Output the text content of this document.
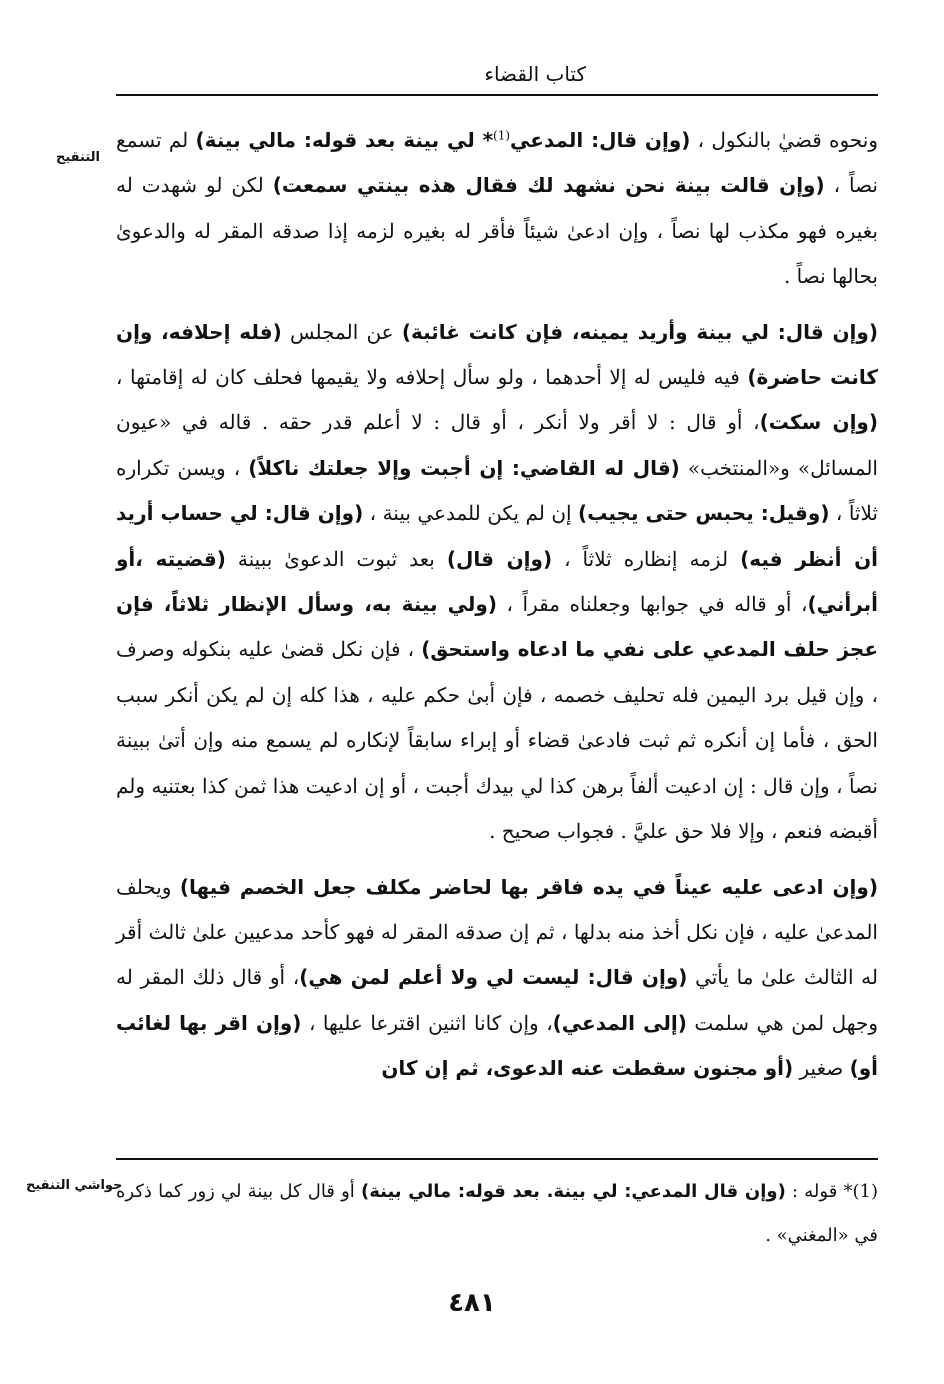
كتاب القضاء
التنقيح

ونحوه قضيٰ بالنكول ، (وإن قال: المدعي$^{(1)}$* لي بينة بعد قوله: مالي بينة) لم تسمع نصاً ، (وإن قالت بينة نحن نشهد لك فقال هذه بينتي سمعت) لكن لو شهدت له بغيره فهو مكذب لها نصاً ، وإن ادعىٰ شيئاً فأقر له بغيره لزمه إذا صدقه المقر له والدعوىٰ بحالها نصاً .

(وإن قال: لي بينة وأريد يمينه، فإن كانت غائبة) عن المجلس (فله إحلافه، وإن كانت حاضرة) فيه فليس له إلا أحدهما ، ولو سأل إحلافه ولا يقيمها فحلف كان له إقامتها ، (وإن سكت)، أو قال : لا أقر ولا أنكر ، أو قال : لا أعلم قدر حقه . قاله في «عيون المسائل» و«المنتخب» (قال له القاضي: إن أجبت وإلا جعلتك ناكلاً) ، ويسن تكراره ثلاثاً ، (وقيل: يحبس حتى يجيب) إن لم يكن للمدعي بينة ، (وإن قال: لي حساب أريد أن أنظر فيه) لزمه إنظاره ثلاثاً ، (وإن قال) بعد ثبوت الدعوىٰ ببينة (قضيته ،أو أبرأني)، أو قاله في جوابها وجعلناه مقراً ، (ولي بينة به، وسأل الإنظار ثلاثاً، فإن عجز حلف المدعي على نفي ما ادعاه واستحق) ، فإن نكل قضىٰ عليه بنكوله وصرف ، وإن قيل برد اليمين فله تحليف خصمه ، فإن أبىٰ حكم عليه ، هذا كله إن لم يكن أنكر سبب الحق ، فأما إن أنكره ثم ثبت فادعىٰ قضاء أو إبراء سابقاً لإنكاره لم يسمع منه وإن أتىٰ ببينة نصاً ، وإن قال : إن ادعيت ألفاً برهن كذا لي بيدك أجبت ، أو إن ادعيت هذا ثمن كذا بعتنيه ولم أقبضه فنعم ، وإلا فلا حق عليَّ . فجواب صحيح .

(وإن ادعى عليه عيناً في يده فاقر بها لحاضر مكلف جعل الخصم فيها) ويحلف المدعىٰ عليه ، فإن نكل أخذ منه بدلها ، ثم إن صدقه المقر له فهو كأحد مدعيين علىٰ ثالث أقر له الثالث علىٰ ما يأتي (وإن قال: ليست لي ولا أعلم لمن هي)، أو قال ذلك المقر له وجهل لمن هي سلمت (إلى المدعي)، وإن كانا اثنين اقترعا عليها ، (وإن اقر بها لغائب أو) صغير (أو مجنون سقطت عنه الدعوى، ثم إن كان

حواشي التنقيح	(1)* قوله : (وإن قال المدعي: لي بينة. بعد قوله: مالي بينة) أو قال كل بينة لي زور كما ذكره في «المغني» .
٤٨١
